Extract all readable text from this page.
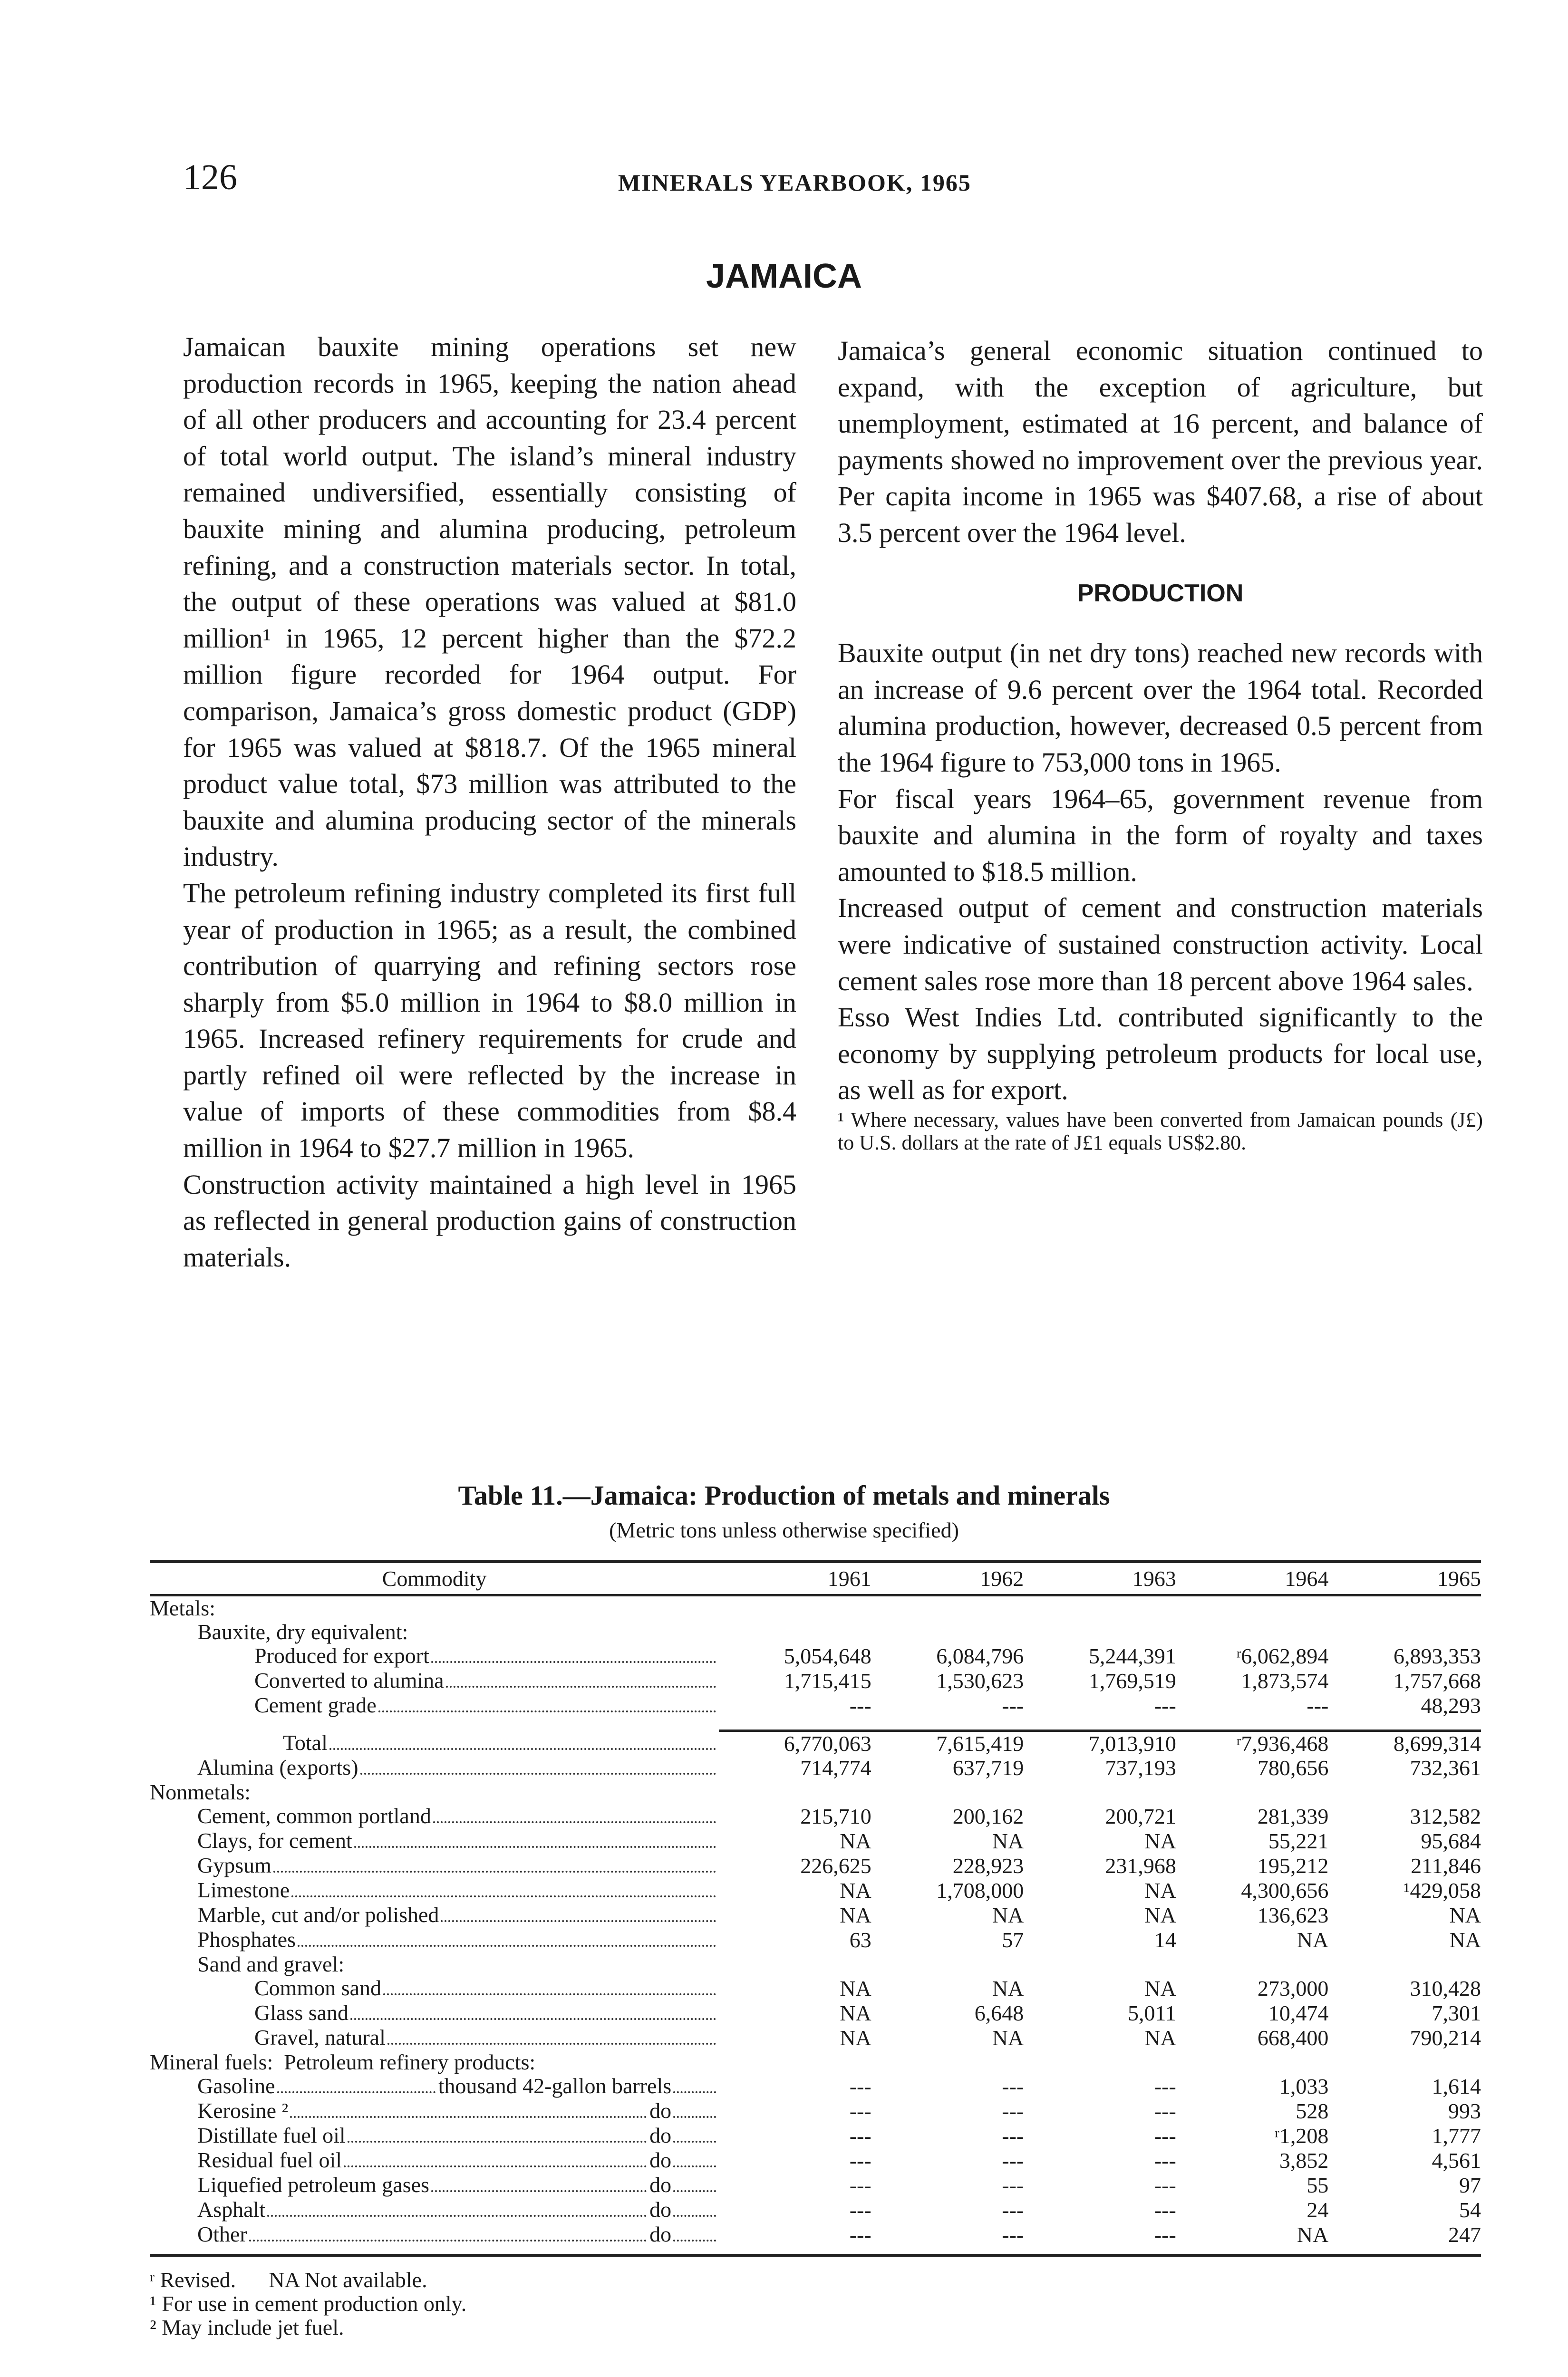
126	MINERALS YEARBOOK, 1965
JAMAICA

Jamaican bauxite mining operations set new production records in 1965, keeping the nation ahead of all other producers and accounting for 23.4 percent of total world output. The island’s mineral industry remained undiversified, essentially consisting of bauxite mining and alumina producing, petroleum refining, and a construction materials sector. In total, the output of these operations was valued at $81.0 million¹ in 1965, 12 percent higher than the $72.2 million figure recorded for 1964 output. For comparison, Jamaica’s gross domestic product (GDP) for 1965 was valued at $818.7. Of the 1965 mineral product value total, $73 million was attributed to the bauxite and alumina producing sector of the minerals industry.

The petroleum refining industry completed its first full year of production in 1965; as a result, the combined contribution of quarrying and refining sectors rose sharply from $5.0 million in 1964 to $8.0 million in 1965. Increased refinery requirements for crude and partly refined oil were reflected by the increase in value of imports of these commodities from $8.4 million in 1964 to $27.7 million in 1965.

Construction activity maintained a high level in 1965 as reflected in general production gains of construction materials.

Jamaica’s general economic situation continued to expand, with the exception of agriculture, but unemployment, estimated at 16 percent, and balance of payments showed no improvement over the previous year. Per capita income in 1965 was $407.68, a rise of about 3.5 percent over the 1964 level.

PRODUCTION

Bauxite output (in net dry tons) reached new records with an increase of 9.6 percent over the 1964 total. Recorded alumina production, however, decreased 0.5 percent from the 1964 figure to 753,000 tons in 1965.

For fiscal years 1964–65, government revenue from bauxite and alumina in the form of royalty and taxes amounted to $18.5 million.

Increased output of cement and construction materials were indicative of sustained construction activity. Local cement sales rose more than 18 percent above 1964 sales.

Esso West Indies Ltd. contributed significantly to the economy by supplying petroleum products for local use, as well as for export.

¹ Where necessary, values have been converted from Jamaican pounds (J£) to U.S. dollars at the rate of J£1 equals US$2.80.

Table 11.—Jamaica: Production of metals and minerals
(Metric tons unless otherwise specified)
Commodity	1961	1962	1963	1964	1965

Metals:					

Bauxite, dry equivalent:					

Produced for export	5,054,648	6,084,796	5,244,391	ʳ6,062,894	6,893,353

Converted to alumina	1,715,415	1,530,623	1,769,519	1,873,574	1,757,668

Cement grade	---	---	---	---	48,293

Total	6,770,063	7,615,419	7,013,910	ʳ7,936,468	8,699,314

Alumina (exports)	714,774	637,719	737,193	780,656	732,361

Nonmetals:					

Cement, common portland	215,710	200,162	200,721	281,339	312,582

Clays, for cement	NA	NA	NA	55,221	95,684

Gypsum	226,625	228,923	231,968	195,212	211,846

Limestone	NA	1,708,000	NA	4,300,656	¹429,058

Marble, cut and/or polished	NA	NA	NA	136,623	NA

Phosphates	63	57	14	NA	NA

Sand and gravel:					

Common sand	NA	NA	NA	273,000	310,428

Glass sand	NA	6,648	5,011	10,474	7,301

Gravel, natural	NA	NA	NA	668,400	790,214

Mineral fuels:  Petroleum refinery products:					

Gasoline thousand 42-gallon barrels	---	---	---	1,033	1,614

Kerosine ² do	---	---	---	528	993

Distillate fuel oil do	---	---	---	ʳ1,208	1,777

Residual fuel oil do	---	---	---	3,852	4,561

Liquefied petroleum gases do	---	---	---	55	97

Asphalt do	---	---	---	24	54

Other do	---	---	---	NA	247

ʳ Revised.      NA Not available.
¹ For use in cement production only.
² May include jet fuel.
